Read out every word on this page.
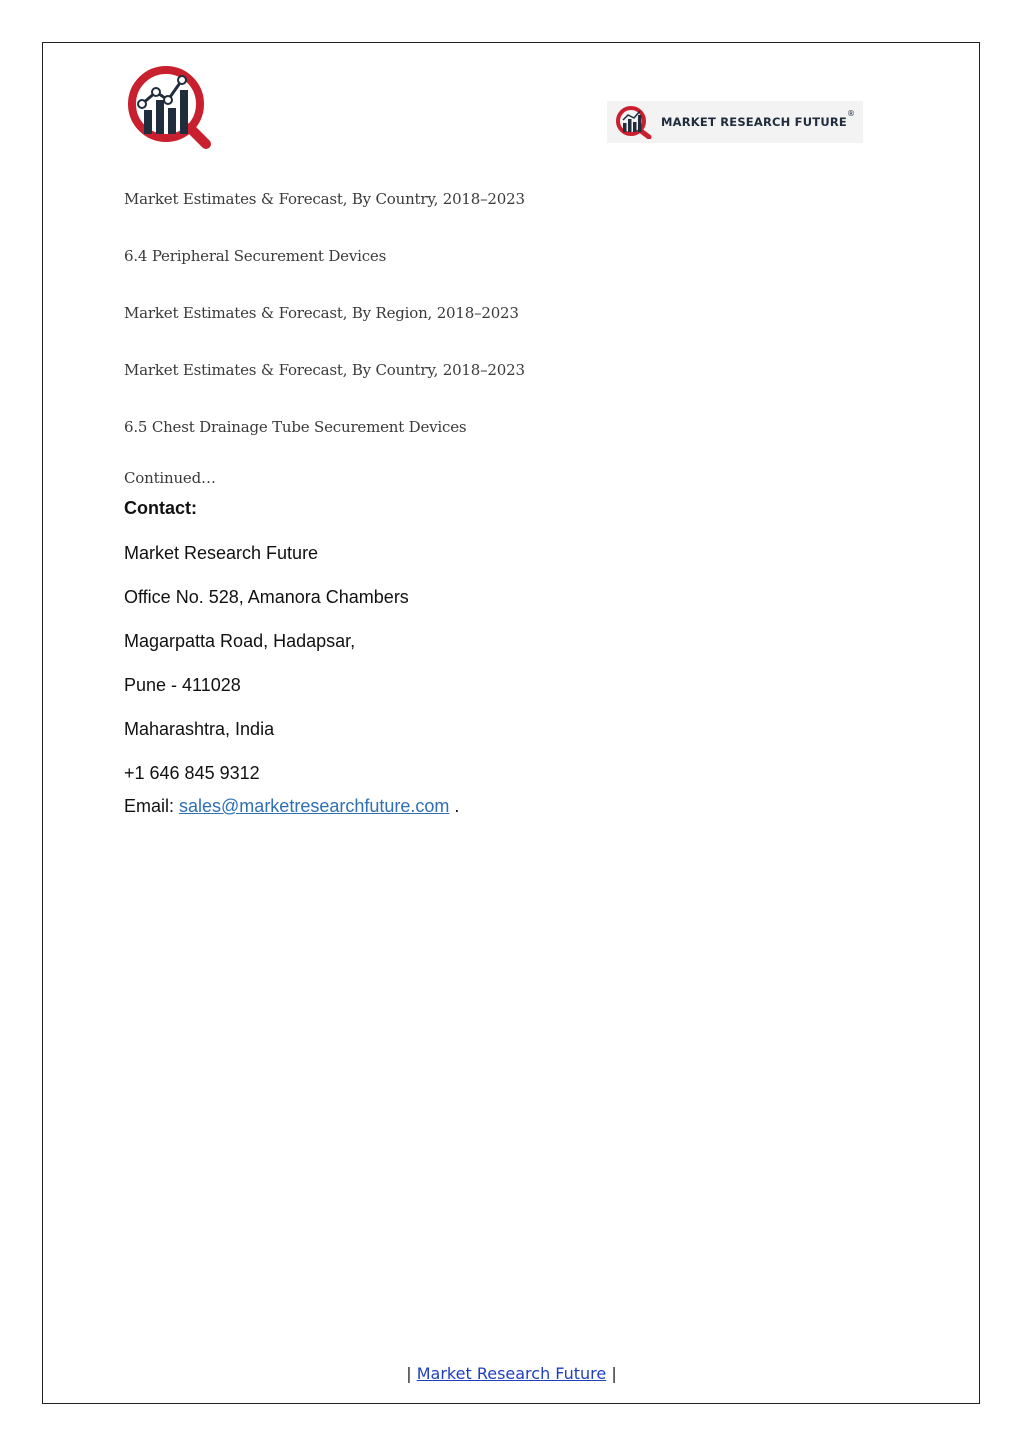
MARKET RESEARCH FUTURE
®
Market Estimates & Forecast, By Country, 2018–2023
6.4 Peripheral Securement Devices
Market Estimates & Forecast, By Region, 2018–2023
Market Estimates & Forecast, By Country, 2018–2023
6.5 Chest Drainage Tube Securement Devices
Continued…
Contact:
Market Research Future
Office No. 528, Amanora Chambers
Magarpatta Road, Hadapsar,
Pune - 411028
Maharashtra, India
+1 646 845 9312
Email: sales@marketresearchfuture.com .
| Market Research Future |
